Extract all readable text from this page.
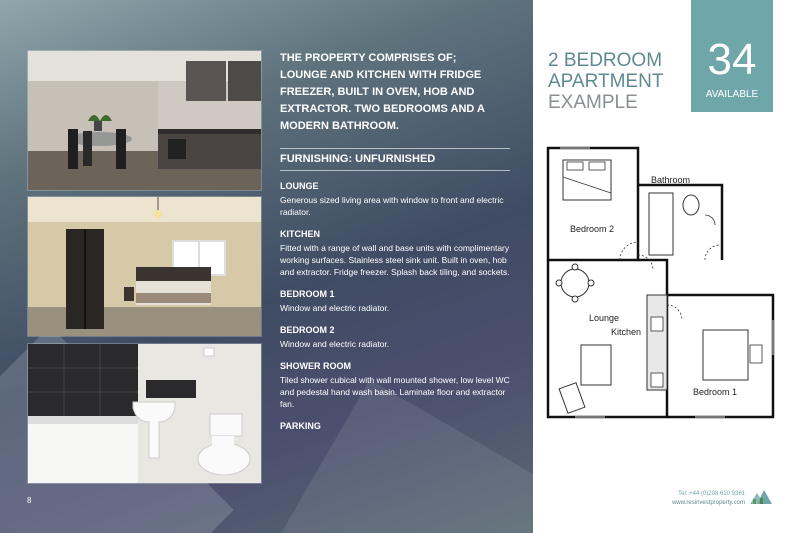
THE PROPERTY COMPRISES OF; LOUNGE AND KITCHEN WITH FRIDGE FREEZER, BUILT IN OVEN, HOB AND EXTRACTOR. TWO BEDROOMS AND A MODERN BATHROOM.

FURNISHING: UNFURNISHED

LOUNGE

Generous sized living area with window to front and electric radiator.

KITCHEN

Fitted with a range of wall and base units with complimentary working surfaces. Stainless steel sink unit. Built in oven, hob and extractor. Fridge freezer. Splash back tiling, and sockets.

BEDROOM 1

Window and electric radiator.

BEDROOM 2

Window and electric radiator.

SHOWER ROOM

Tiled shower cubical with wall mounted shower, low level WC and pedestal hand wash basin. Laminate floor and extractor fan.

PARKING

8
2 BEDROOM
APARTMENT
EXAMPLE
34
AVAILABLE
Bathroom
Bedroom 2
Lounge
Kitchen
Bedroom 1
Tel: +44 (0)208 610 9361
www.resinvestproperty.com
